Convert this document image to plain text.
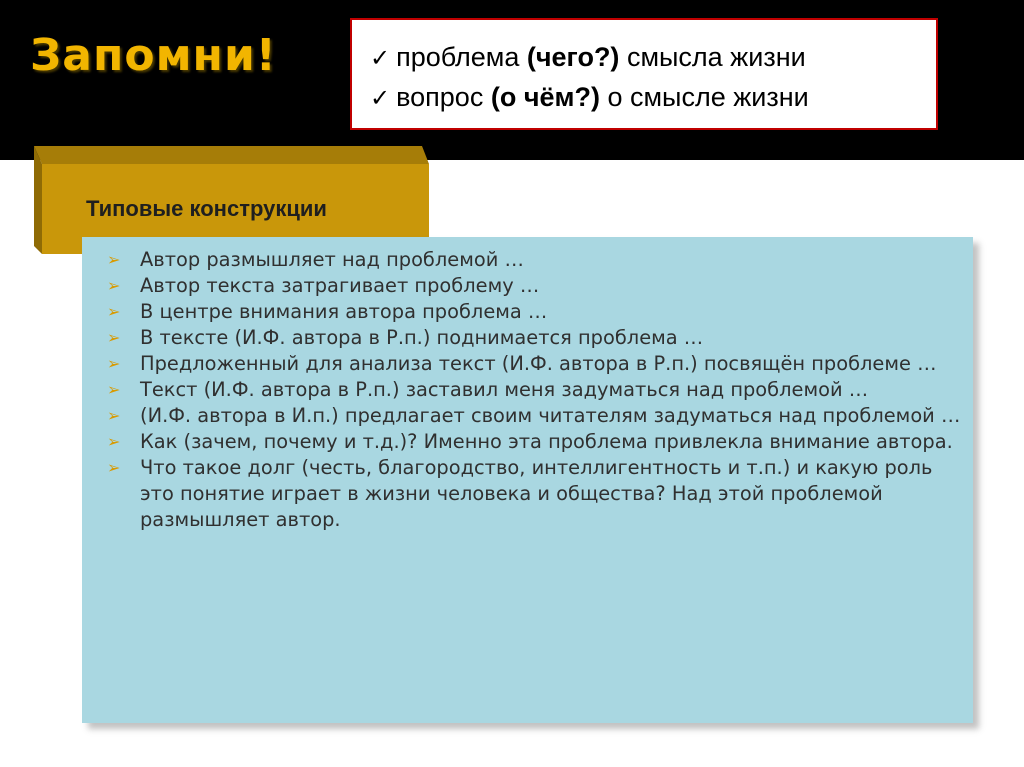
Запомни!	✓ проблема (чего?) смысла жизни
✓ вопрос (о чём?) о смысле жизни
Типовые конструкции
➢ Автор размышляет над проблемой …
➢ Автор текста затрагивает проблему …
➢ В центре внимания автора проблема …
➢ В тексте (И.Ф. автора в Р.п.) поднимается проблема …
➢ Предложенный для анализа текст (И.Ф. автора в Р.п.) посвящён проблеме …
➢ Текст (И.Ф. автора в Р.п.) заставил меня задуматься над проблемой …
➢ (И.Ф. автора в И.п.) предлагает своим читателям задуматься над проблемой …
➢ Как (зачем, почему и т.д.)? Именно эта проблема привлекла внимание автора.
➢ Что такое долг (честь, благородство, интеллигентность и т.п.) и какую роль это понятие играет в жизни человека и общества? Над этой проблемой размышляет автор.
